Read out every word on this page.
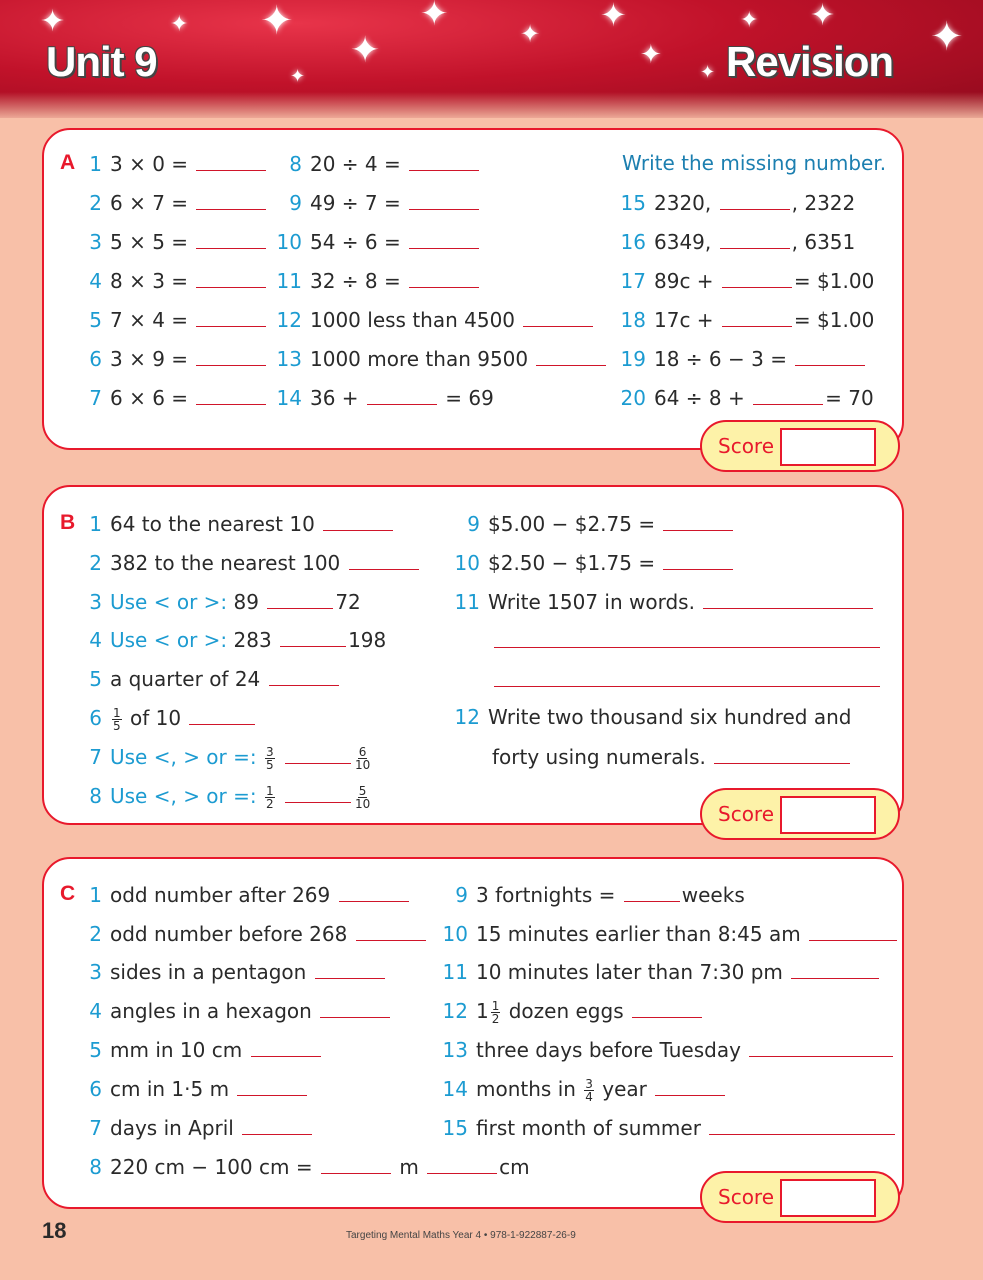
✦	✦ ✦
✦
✦	✦ ✦
✦
✦ ✦ ✦
✦
✦
Unit 9	Revision
A 1 3 × 0 =
2 6 × 7 =
3 5 × 5 =
4 8 × 3 =
5 7 × 4 =
6 3 × 9 =
7 6 × 6 =
8 20 ÷ 4 =
9 49 ÷ 7 =
10 54 ÷ 6 =
11 32 ÷ 8 =
12 1000 less than 4500
13 1000 more than 9500
14 36 +	= 69
15 2320,	, 2322
16 6349,	, 6351
17 89c +	= $1.00
18 17c +	= $1.00
19 18 ÷ 6 − 3 =
20 64 ÷ 8 +	= 70
Write the missing number.
Score
B 1 64 to the nearest 10
2 382 to the nearest 100
3 Use < or >: 89	72
4 Use < or >: 283	198
5 a quarter of 24
$6 \frac{1}{5}$ of 10
7 Use <, > or =: $\frac{3}{5}$
	$\frac{6}{10}$
8 Use <, > or =: $\frac{1}{2}$
	$\frac{5}{10}$
9 $5.00 − $2.75 =
10 $2.50 − $1.75 =
11 Write 1507 in words.
12 Write two thousand six hundred and
forty using numerals.
Score
C 1 odd number after 269
2 odd number before 268
3 sides in a pentagon
4 angles in a hexagon
5 mm in 10 cm
6 cm in 1·5 m
7 days in April
8 220 cm − 100 cm =	m	cm
9 3 fortnights =	weeks
10 15 minutes earlier than 8:45 am
11 10 minutes later than 7:30 pm
12 $1 \frac{1}{2}$ dozen eggs
13 three days before Tuesday
14 months in $\frac{3}{4}$ year
15 first month of summer
Score
18	Targeting Mental Maths Year 4 • 978-1-922887-26-9
